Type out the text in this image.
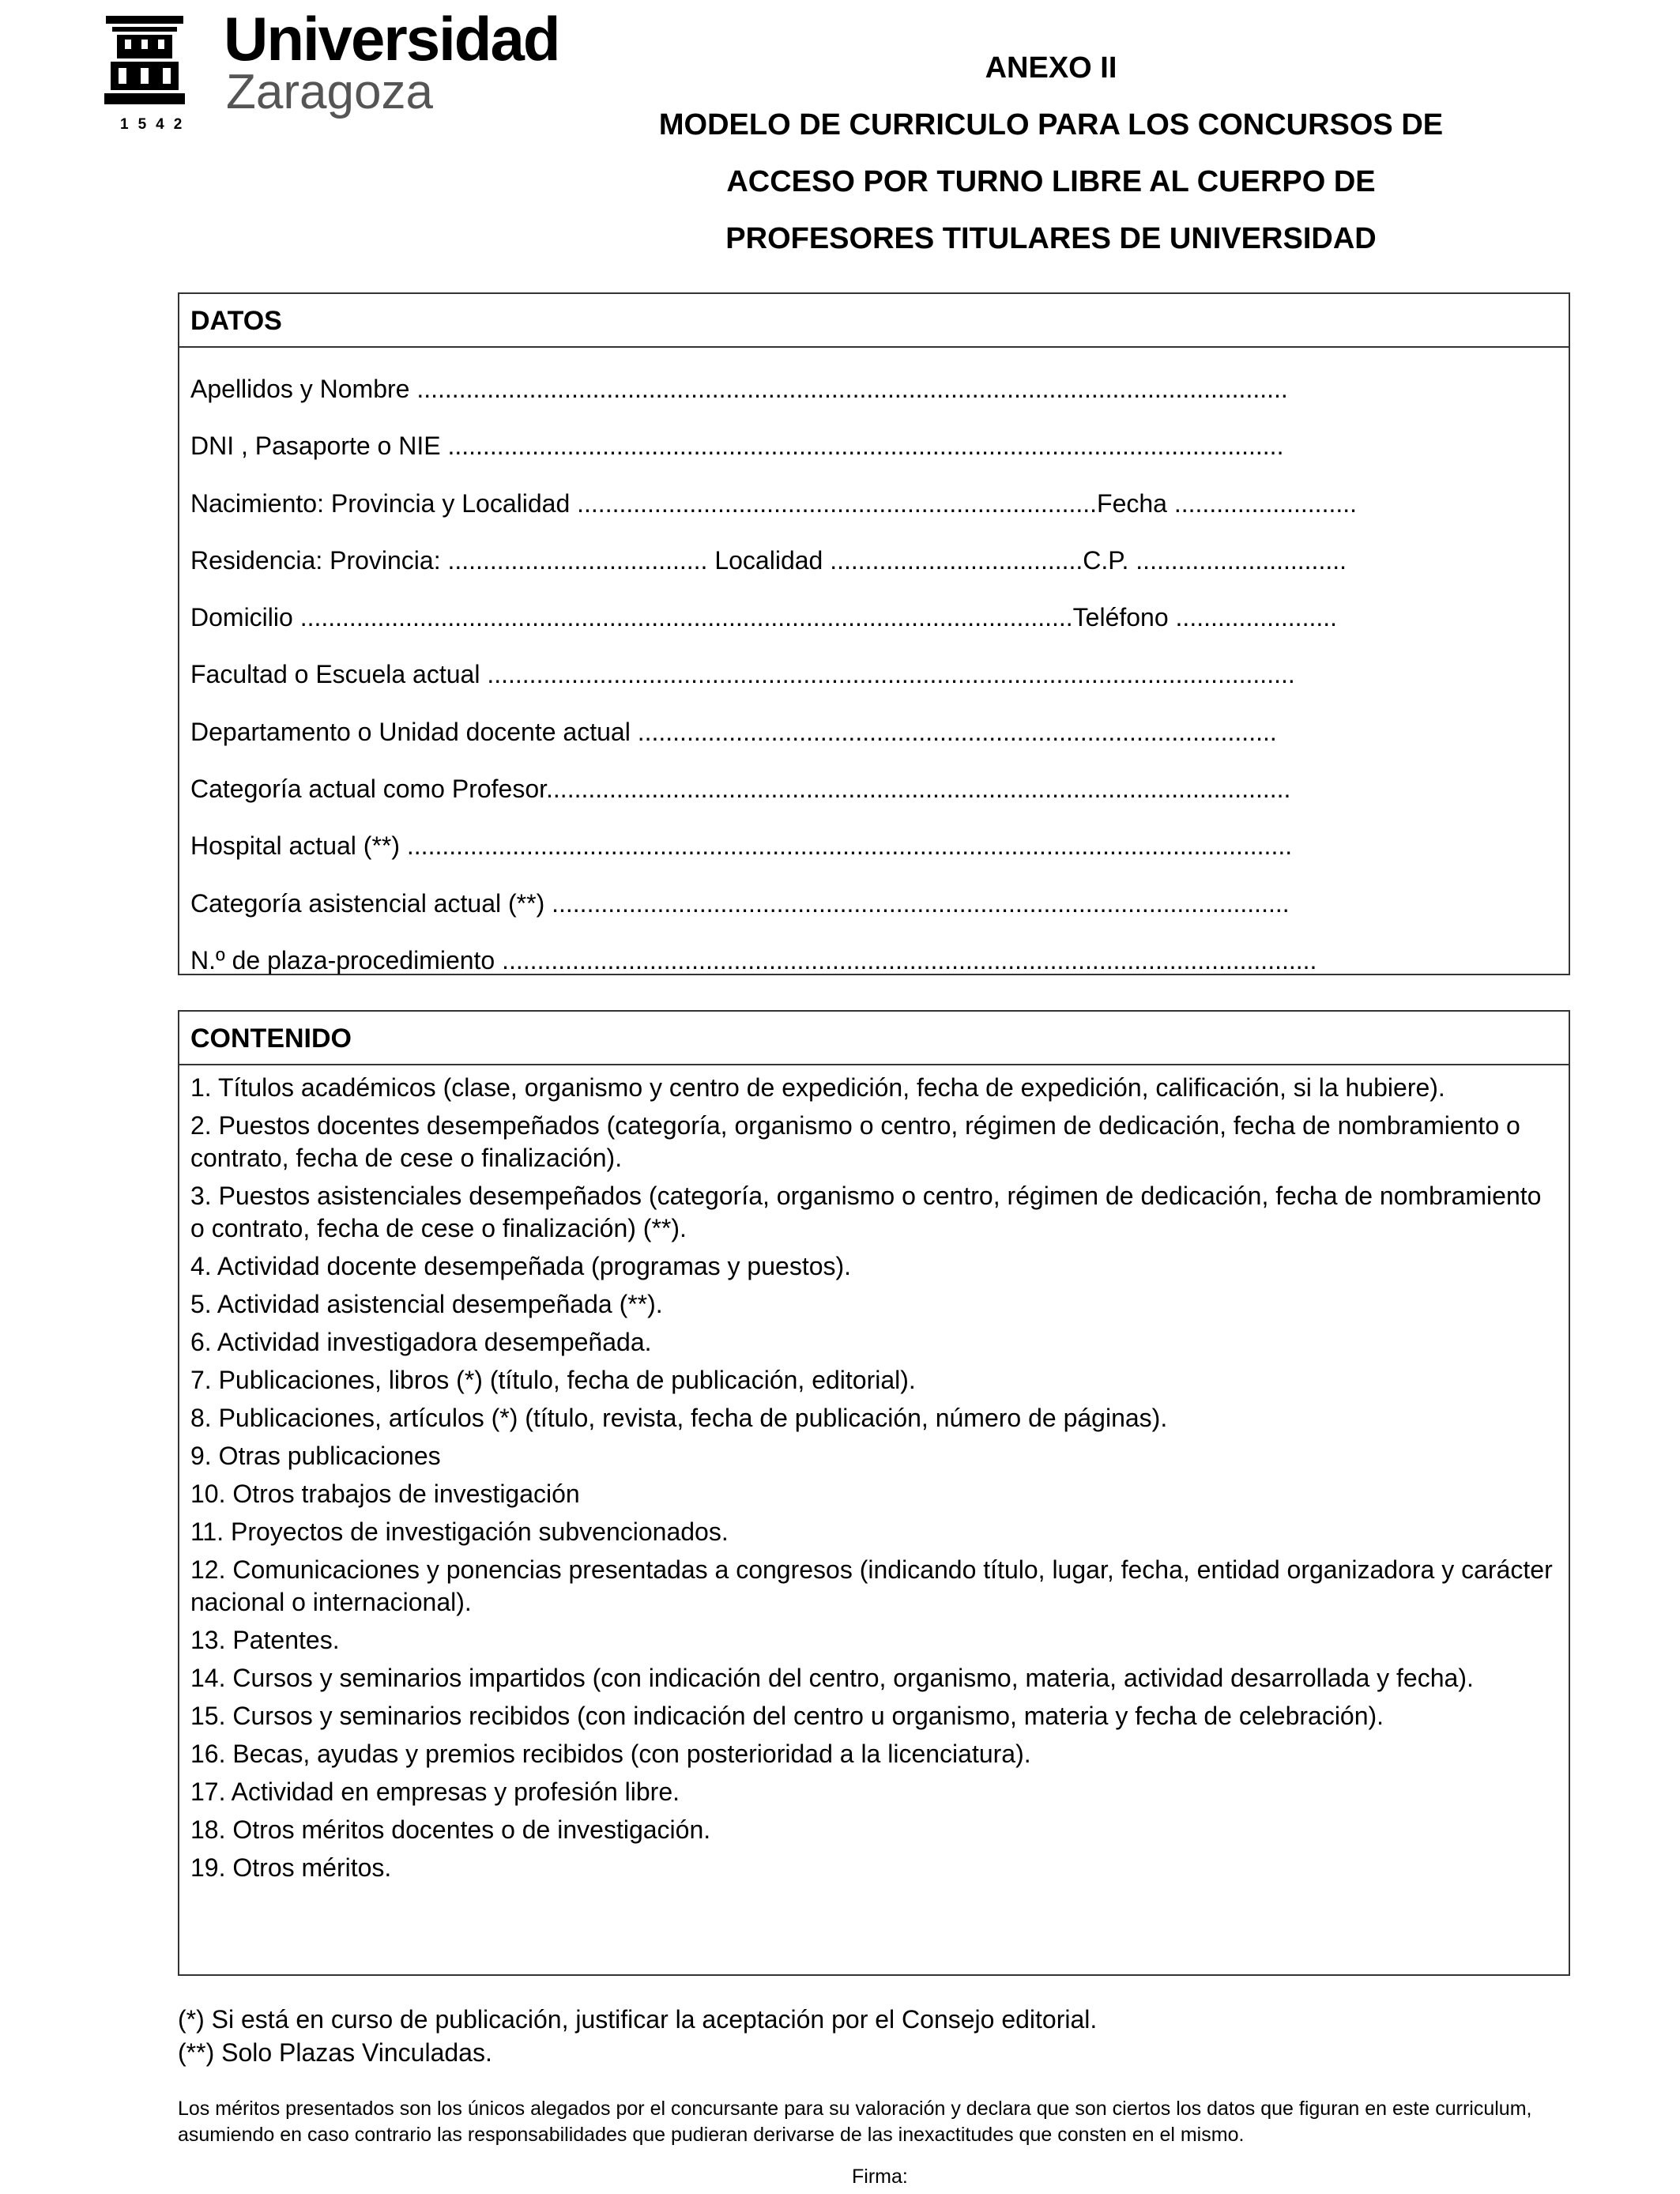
Universidad
Zaragoza
1542
ANEXO II
MODELO DE CURRICULO PARA LOS CONCURSOS DE
ACCESO POR TURNO LIBRE AL CUERPO DE
PROFESORES TITULARES DE UNIVERSIDAD
DATOS
Apellidos y Nombre ............................................................................................................................
DNI , Pasaporte o NIE .......................................................................................................................
Nacimiento: Provincia y Localidad ..........................................................................Fecha ..........................
Residencia: Provincia: ..................................... Localidad ....................................C.P. ..............................
Domicilio ..............................................................................................................Teléfono .......................
Facultad o Escuela actual ...................................................................................................................
Departamento o Unidad docente actual ...........................................................................................
Categoría actual como Profesor..........................................................................................................
Hospital actual (**) ..............................................................................................................................
Categoría asistencial actual (**) .........................................................................................................
N.º de plaza-procedimiento ....................................................................................................................
CONTENIDO
1. Títulos académicos (clase, organismo y centro de expedición, fecha de expedición, calificación, si la hubiere).
2. Puestos docentes desempeñados (categoría, organismo o centro, régimen de dedicación, fecha de nombramiento o contrato, fecha de cese o finalización).
3. Puestos asistenciales desempeñados (categoría, organismo o centro, régimen de dedicación, fecha de nombramiento o contrato, fecha de cese o finalización) (**).
4. Actividad docente desempeñada (programas y puestos).
5. Actividad asistencial desempeñada (**).
6. Actividad investigadora desempeñada.
7. Publicaciones, libros (*) (título, fecha de publicación, editorial).
8. Publicaciones, artículos (*) (título, revista, fecha de publicación, número de páginas).
9. Otras publicaciones
10. Otros trabajos de investigación
11. Proyectos de investigación subvencionados.
12. Comunicaciones y ponencias presentadas a congresos (indicando título, lugar, fecha, entidad organizadora y carácter nacional o internacional).
13. Patentes.
14. Cursos y seminarios impartidos (con indicación del centro, organismo, materia, actividad desarrollada y fecha).
15. Cursos y seminarios recibidos (con indicación del centro u organismo, materia y fecha de celebración).
16. Becas, ayudas y premios recibidos (con posterioridad a la licenciatura).
17. Actividad en empresas y profesión libre.
18. Otros méritos docentes o de investigación.
19. Otros méritos.
(*) Si está en curso de publicación, justificar la aceptación por el Consejo editorial.
(**) Solo Plazas Vinculadas.
Los méritos presentados son los únicos alegados por el concursante para su valoración y declara que son ciertos los datos que figuran en este curriculum, asumiendo en caso contrario las responsabilidades que pudieran derivarse de las inexactitudes que consten en el mismo.
Firma:
